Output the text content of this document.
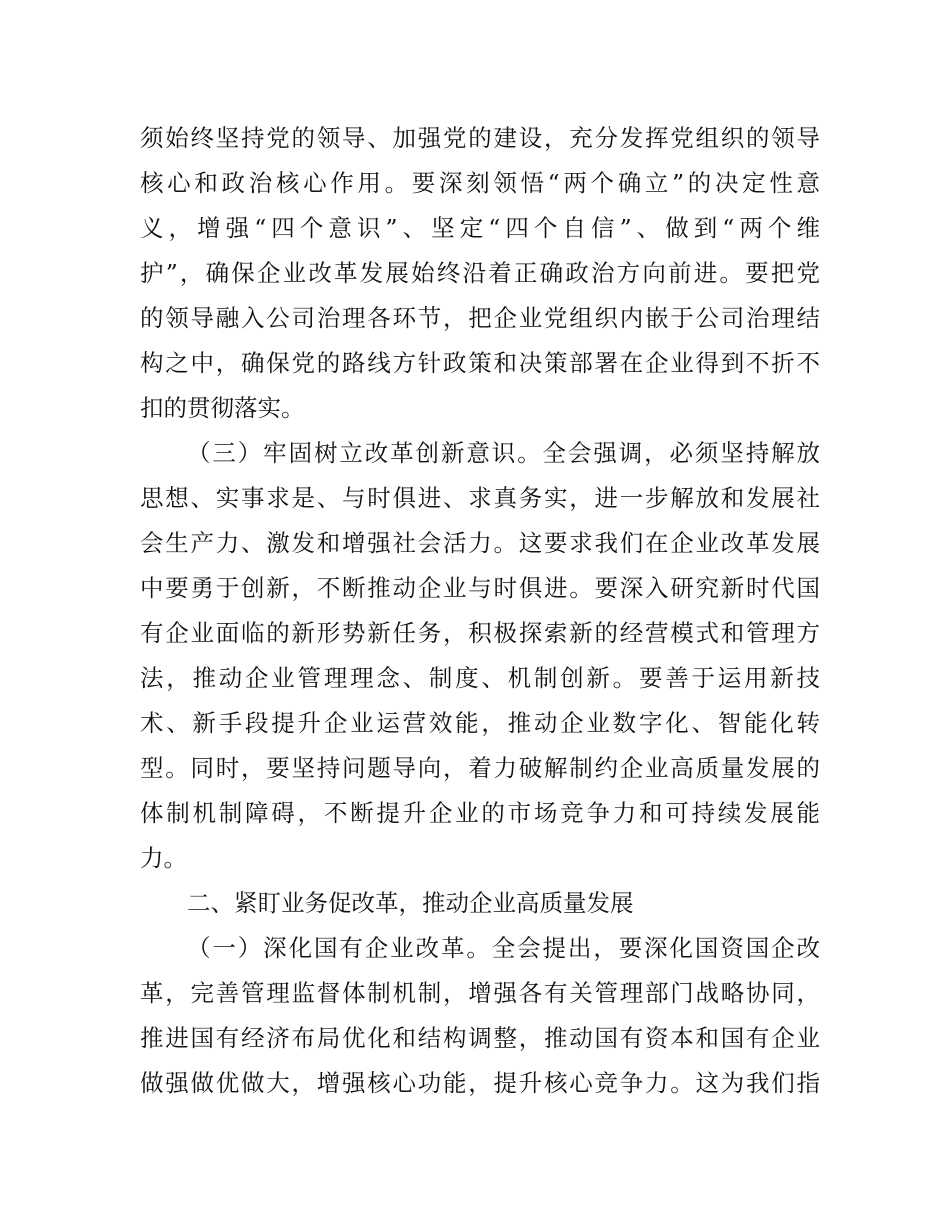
须始终坚持党的领导、加强党的建设，充分发挥党组织的领导
核心和政治核心作用。要深刻领悟“两个确立”的决定性意
义，增强“四个意识”、坚定“四个自信”、做到“两个维
护”，确保企业改革发展始终沿着正确政治方向前进。要把党
的领导融入公司治理各环节，把企业党组织内嵌于公司治理结
构之中，确保党的路线方针政策和决策部署在企业得到不折不
扣的贯彻落实。
（三）牢固树立改革创新意识。全会强调，必须坚持解放
思想、实事求是、与时俱进、求真务实，进一步解放和发展社
会生产力、激发和增强社会活力。这要求我们在企业改革发展
中要勇于创新，不断推动企业与时俱进。要深入研究新时代国
有企业面临的新形势新任务，积极探索新的经营模式和管理方
法，推动企业管理理念、制度、机制创新。要善于运用新技
术、新手段提升企业运营效能，推动企业数字化、智能化转
型。同时，要坚持问题导向，着力破解制约企业高质量发展的
体制机制障碍，不断提升企业的市场竞争力和可持续发展能
力。
二、紧盯业务促改革，推动企业高质量发展
（一）深化国有企业改革。全会提出，要深化国资国企改
革，完善管理监督体制机制，增强各有关管理部门战略协同，
推进国有经济布局优化和结构调整，推动国有资本和国有企业
做强做优做大，增强核心功能，提升核心竞争力。这为我们指
